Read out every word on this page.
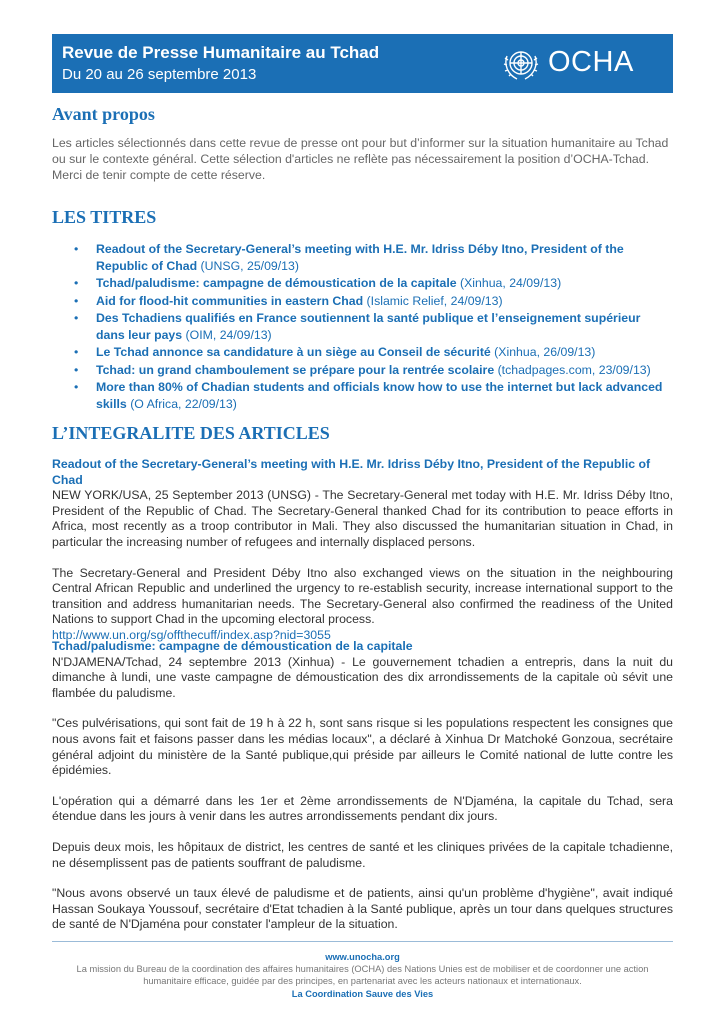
Revue de Presse Humanitaire au Tchad
Du 20 au 26 septembre 2013	OCHA
Avant propos

Les articles sélectionnés dans cette revue de presse ont pour but d’informer sur la situation humanitaire au Tchad ou sur le contexte général. Cette sélection d'articles ne reflète pas nécessairement la position d’OCHA-Tchad. Merci de tenir compte de cette réserve.

LES TITRES
• Readout of the Secretary-General’s meeting with H.E. Mr. Idriss Déby Itno, President of the Republic of Chad (UNSG, 25/09/13)
• Tchad/paludisme: campagne de démoustication de la capitale (Xinhua, 24/09/13)
• Aid for flood-hit communities in eastern Chad (Islamic Relief, 24/09/13)
• Des Tchadiens qualifiés en France soutiennent la santé publique et l’enseignement supérieur dans leur pays (OIM, 24/09/13)
• Le Tchad annonce sa candidature à un siège au Conseil de sécurité (Xinhua, 26/09/13)
• Tchad: un grand chamboulement se prépare pour la rentrée scolaire (tchadpages.com, 23/09/13)
• More than 80% of Chadian students and officials know how to use the internet but lack advanced skills (O Africa, 22/09/13)
L’INTEGRALITE DES ARTICLES
Readout of the Secretary-General’s meeting with H.E. Mr. Idriss Déby Itno, President of the Republic of Chad

NEW YORK/USA, 25 September 2013 (UNSG) - The Secretary-General met today with H.E. Mr. Idriss Déby Itno, President of the Republic of Chad. The Secretary-General thanked Chad for its contribution to peace efforts in Africa, most recently as a troop contributor in Mali. They also discussed the humanitarian situation in Chad, in particular the increasing number of refugees and internally displaced persons.

The Secretary-General and President Déby Itno also exchanged views on the situation in the neighbouring Central African Republic and underlined the urgency to re-establish security, increase international support to the transition and address humanitarian needs. The Secretary-General also confirmed the readiness of the United Nations to support Chad in the upcoming electoral process.

http://www.un.org/sg/offthecuff/index.asp?nid=3055
Tchad/paludisme: campagne de démoustication de la capitale

N'DJAMENA/Tchad, 24 septembre 2013 (Xinhua) - Le gouvernement tchadien a entrepris, dans la nuit du dimanche à lundi, une vaste campagne de démoustication des dix arrondissements de la capitale où sévit une flambée du paludisme.

"Ces pulvérisations, qui sont fait de 19 h à 22 h, sont sans risque si les populations respectent les consignes que nous avons fait et faisons passer dans les médias locaux", a déclaré à Xinhua Dr Matchoké Gonzoua, secrétaire général adjoint du ministère de la Santé publique,qui préside par ailleurs le Comité national de lutte contre les épidémies.

L'opération qui a démarré dans les 1er et 2ème arrondissements de N'Djaména, la capitale du Tchad, sera étendue dans les jours à venir dans les autres arrondissements pendant dix jours.

Depuis deux mois, les hôpitaux de district, les centres de santé et les cliniques privées de la capitale tchadienne, ne désemplissent pas de patients souffrant de paludisme.

"Nous avons observé un taux élevé de paludisme et de patients, ainsi qu'un problème d'hygiène", avait indiqué Hassan Soukaya Youssouf, secrétaire d'Etat tchadien à la Santé publique, après un tour dans quelques structures de santé de N'Djaména pour constater l'ampleur de la situation.

www.unocha.org
La mission du Bureau de la coordination des affaires humanitaires (OCHA) des Nations Unies est de mobiliser et de coordonner une action humanitaire efficace, guidée par des principes, en partenariat avec les acteurs nationaux et internationaux.
La Coordination Sauve des Vies
